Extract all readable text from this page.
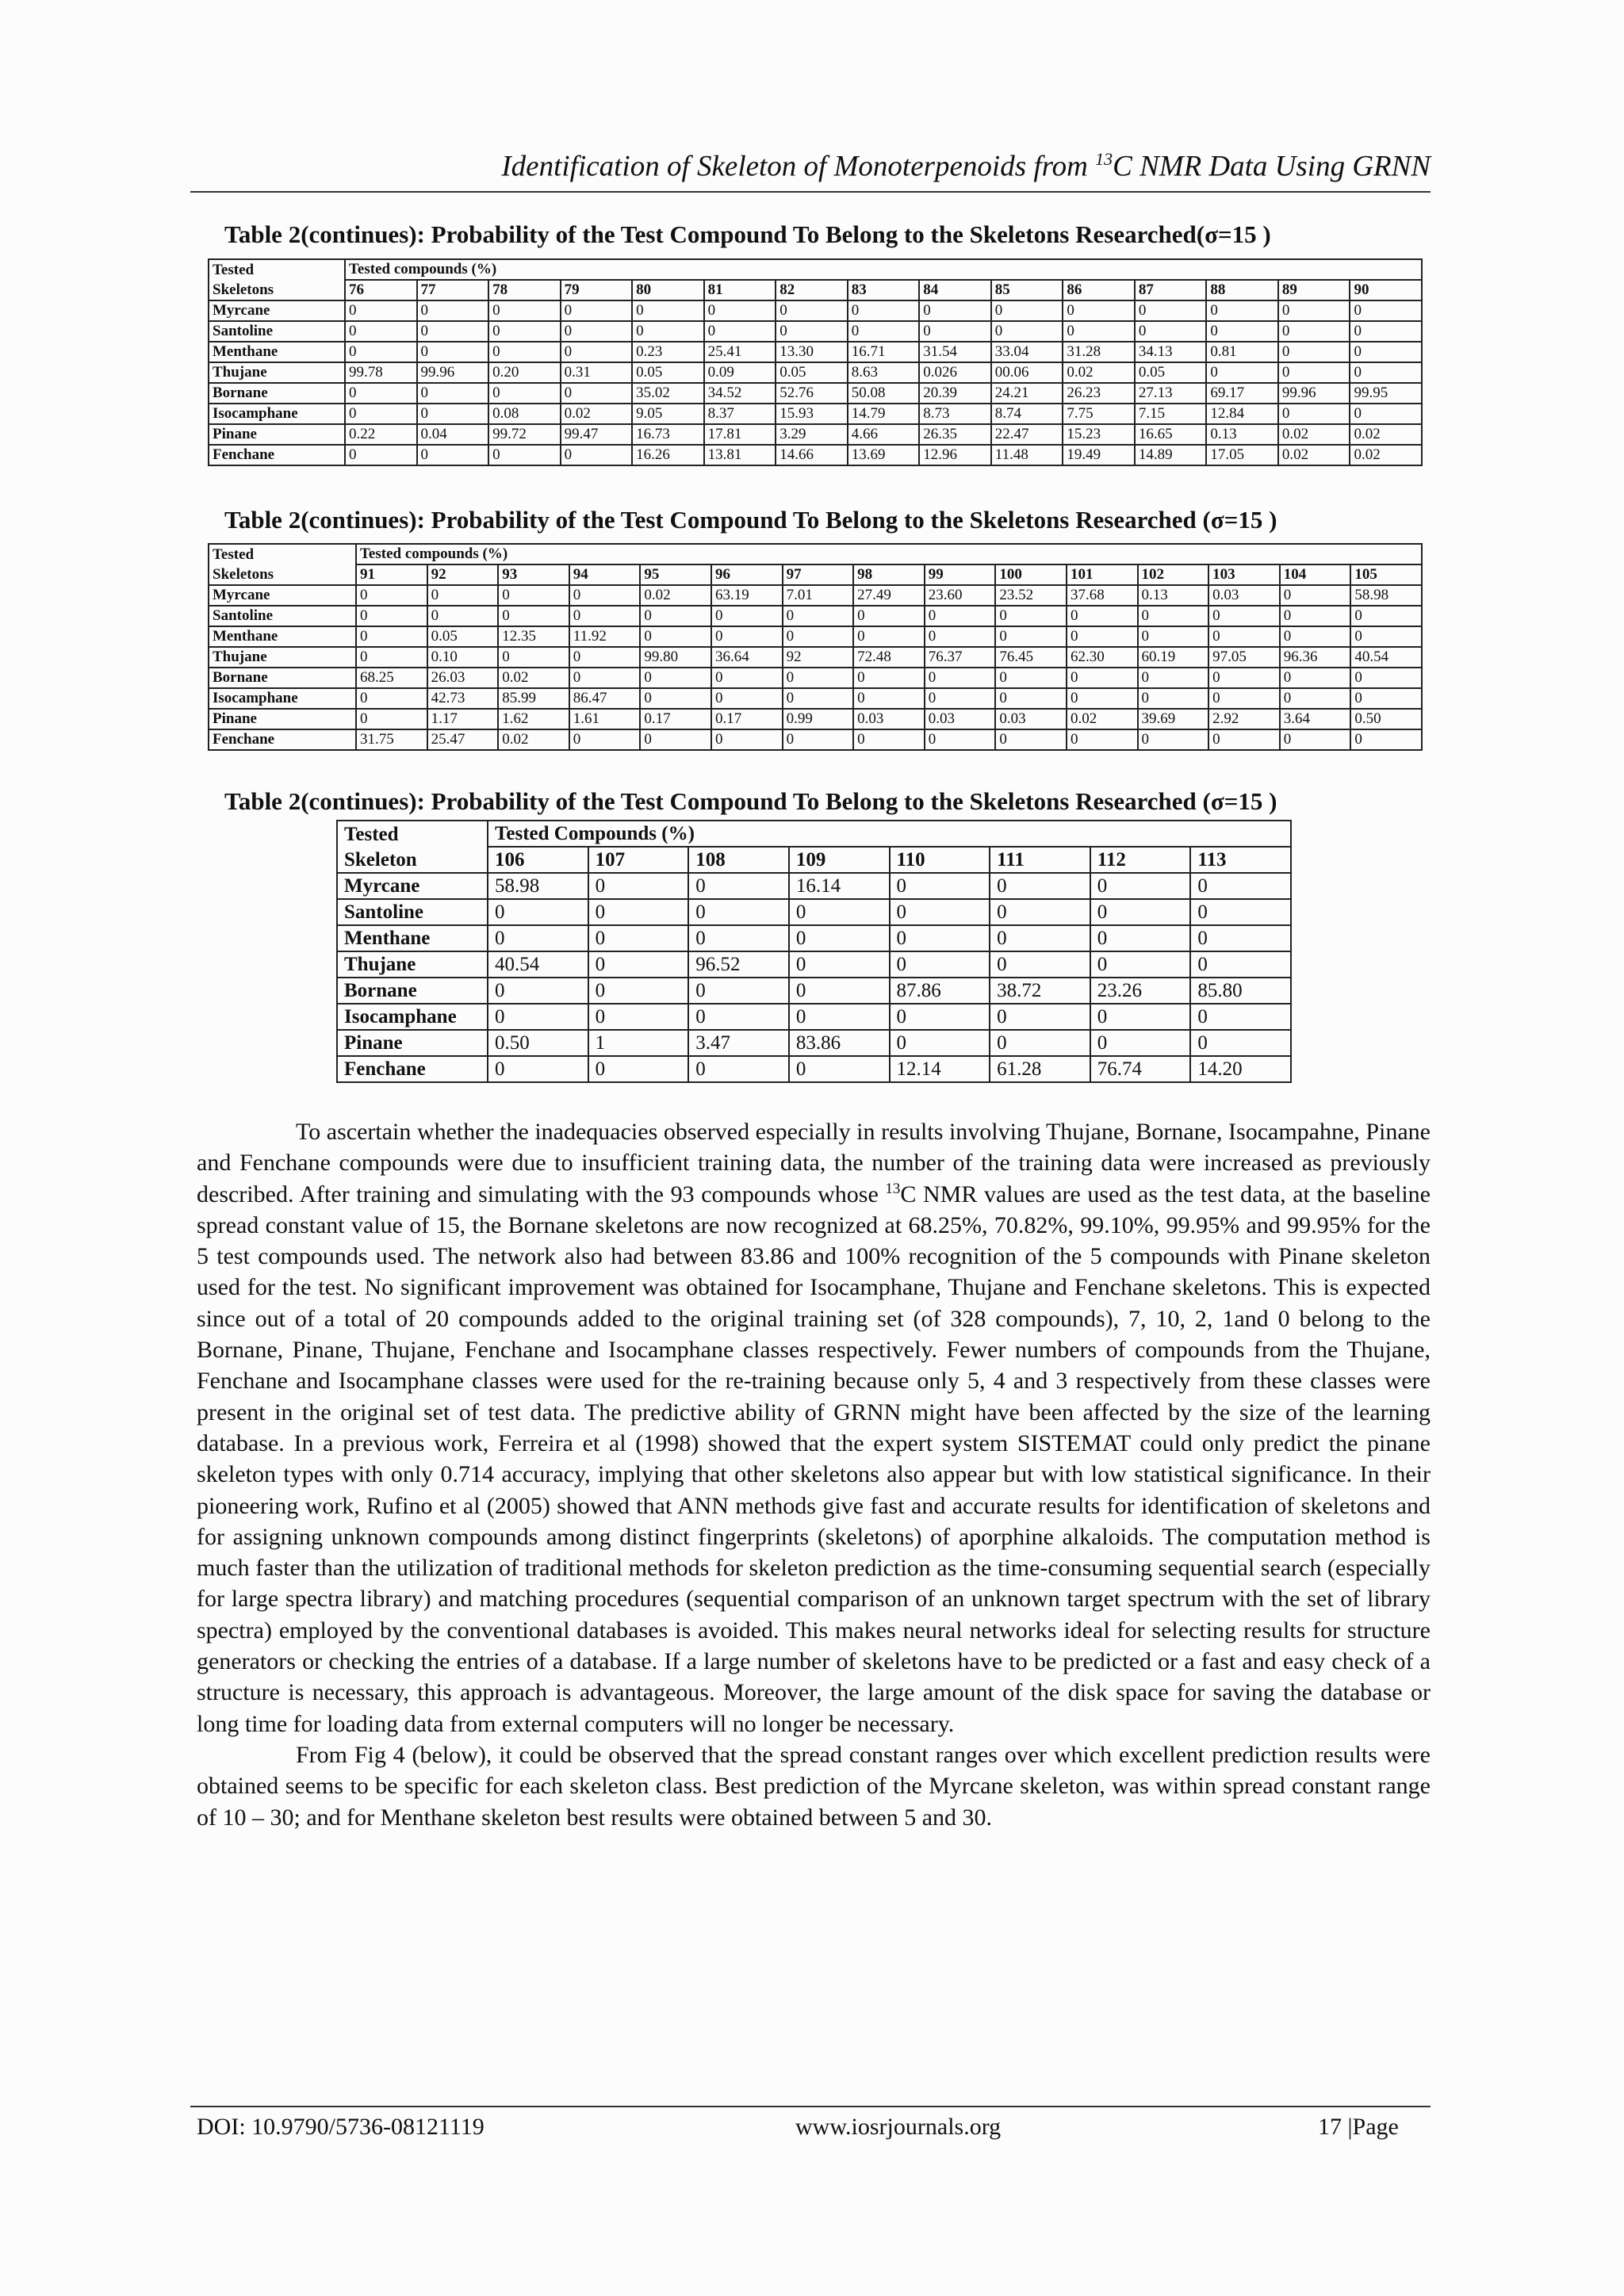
Identification of Skeleton of Monoterpenoids from $^{13}$C NMR Data Using GRNN
Table 2(continues): Probability of the Test Compound To Belong to the Skeletons Researched(σ=15 )
Tested	Tested compounds (%)														
Skeletons	76	77	78	79	80	81	82	83	84	85	86	87	88	89	90
Myrcane	0	0	0	0	0	0	0	0	0	0	0	0	0	0	0
Santoline	0	0	0	0	0	0	0	0	0	0	0	0	0	0	0
Menthane	0	0	0	0	0.23	25.41	13.30	16.71	31.54	33.04	31.28	34.13	0.81	0	0
Thujane	99.78	99.96	0.20	0.31	0.05	0.09	0.05	8.63	0.026	00.06	0.02	0.05	0	0	0
Bornane	0	0	0	0	35.02	34.52	52.76	50.08	20.39	24.21	26.23	27.13	69.17	99.96	99.95
Isocamphane	0	0	0.08	0.02	9.05	8.37	15.93	14.79	8.73	8.74	7.75	7.15	12.84	0	0
Pinane	0.22	0.04	99.72	99.47	16.73	17.81	3.29	4.66	26.35	22.47	15.23	16.65	0.13	0.02	0.02
Fenchane	0	0	0	0	16.26	13.81	14.66	13.69	12.96	11.48	19.49	14.89	17.05	0.02	0.02
Table 2(continues): Probability of the Test Compound To Belong to the Skeletons Researched (σ=15 )
Tested	Tested compounds (%)														
Skeletons	91	92	93	94	95	96	97	98	99	100	101	102	103	104	105
Myrcane	0	0	0	0	0.02	63.19	7.01	27.49	23.60	23.52	37.68	0.13	0.03	0	58.98
Santoline	0	0	0	0	0	0	0	0	0	0	0	0	0	0	0
Menthane	0	0.05	12.35	11.92	0	0	0	0	0	0	0	0	0	0	0
Thujane	0	0.10	0	0	99.80	36.64	92	72.48	76.37	76.45	62.30	60.19	97.05	96.36	40.54
Bornane	68.25	26.03	0.02	0	0	0	0	0	0	0	0	0	0	0	0
Isocamphane	0	42.73	85.99	86.47	0	0	0	0	0	0	0	0	0	0	0
Pinane	0	1.17	1.62	1.61	0.17	0.17	0.99	0.03	0.03	0.03	0.02	39.69	2.92	3.64	0.50
Fenchane	31.75	25.47	0.02	0	0	0	0	0	0	0	0	0	0	0	0
Table 2(continues): Probability of the Test Compound To Belong to the Skeletons Researched (σ=15 )
Tested	Tested Compounds (%)							
Skeleton	106	107	108	109	110	111	112	113
Myrcane	58.98	0	0	16.14	0	0	0	0
Santoline	0	0	0	0	0	0	0	0
Menthane	0	0	0	0	0	0	0	0
Thujane	40.54	0	96.52	0	0	0	0	0
Bornane	0	0	0	0	87.86	38.72	23.26	85.80
Isocamphane	0	0	0	0	0	0	0	0
Pinane	0.50	1	3.47	83.86	0	0	0	0
Fenchane	0	0	0	0	12.14	61.28	76.74	14.20

To ascertain whether the inadequacies observed especially in results involving Thujane, Bornane, Isocampahne, Pinane and Fenchane compounds were due to insufficient training data, the number of the training data were increased as previously described. After training and simulating with the 93 compounds whose $^{13}$C NMR values are used as the test data, at the baseline spread constant value of 15, the Bornane skeletons are now recognized at 68.25%, 70.82%, 99.10%, 99.95% and 99.95% for the 5 test compounds used. The network also had between 83.86 and 100% recognition of the 5 compounds with Pinane skeleton used for the test. No significant improvement was obtained for Isocamphane, Thujane and Fenchane skeletons. This is expected since out of a total of 20 compounds added to the original training set (of 328 compounds), 7, 10, 2, 1and 0 belong to the Bornane, Pinane, Thujane, Fenchane and Isocamphane classes respectively. Fewer numbers of compounds from the Thujane, Fenchane and Isocamphane classes were used for the re-training because only 5, 4 and 3 respectively from these classes were present in the original set of test data. The predictive ability of GRNN might have been affected by the size of the learning database. In a previous work, Ferreira et al (1998) showed that the expert system SISTEMAT could only predict the pinane skeleton types with only 0.714 accuracy, implying that other skeletons also appear but with low statistical significance. In their pioneering work, Rufino et al (2005) showed that ANN methods give fast and accurate results for identification of skeletons and for assigning unknown compounds among distinct fingerprints (skeletons) of aporphine alkaloids. The computation method is much faster than the utilization of traditional methods for skeleton prediction as the time-consuming sequential search (especially for large spectra library) and matching procedures (sequential comparison of an unknown target spectrum with the set of library spectra) employed by the conventional databases is avoided. This makes neural networks ideal for selecting results for structure generators or checking the entries of a database. If a large number of skeletons have to be predicted or a fast and easy check of a structure is necessary, this approach is advantageous. Moreover, the large amount of the disk space for saving the database or long time for loading data from external computers will no longer be necessary.

From Fig 4 (below), it could be observed that the spread constant ranges over which excellent prediction results were obtained seems to be specific for each skeleton class. Best prediction of the Myrcane skeleton, was within spread constant range of 10 – 30; and for Menthane skeleton best results were obtained between 5 and 30.

DOI: 10.9790/5736-08121119	www.iosrjournals.org	17 |Page
